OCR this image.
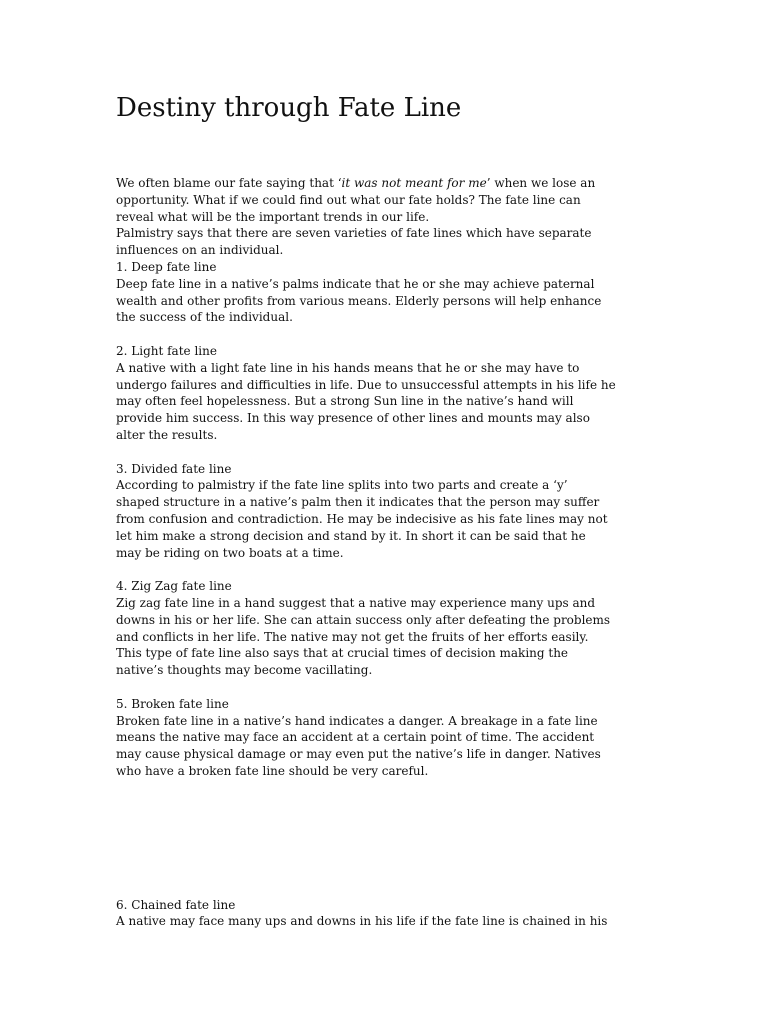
Destiny through Fate Line

We often blame our fate saying that ‘it was not meant for me’ when we lose an
opportunity. What if we could find out what our fate holds? The fate line can
reveal what will be the important trends in our life.
Palmistry says that there are seven varieties of fate lines which have separate
influences on an individual.

1. Deep fate line
Deep fate line in a native’s palms indicate that he or she may achieve paternal
wealth and other profits from various means. Elderly persons will help enhance
the success of the individual.

2. Light fate line
A native with a light fate line in his hands means that he or she may have to
undergo failures and difficulties in life. Due to unsuccessful attempts in his life he
may often feel hopelessness. But a strong Sun line in the native’s hand will
provide him success. In this way presence of other lines and mounts may also
alter the results.

3. Divided fate line
According to palmistry if the fate line splits into two parts and create a ‘y’
shaped structure in a native’s palm then it indicates that the person may suffer
from confusion and contradiction. He may be indecisive as his fate lines may not
let him make a strong decision and stand by it. In short it can be said that he
may be riding on two boats at a time.

4. Zig Zag fate line
Zig zag fate line in a hand suggest that a native may experience many ups and
downs in his or her life. She can attain success only after defeating the problems
and conflicts in her life. The native may not get the fruits of her efforts easily.
This type of fate line also says that at crucial times of decision making the
native’s thoughts may become vacillating.

5. Broken fate line
Broken fate line in a native’s hand indicates a danger. A breakage in a fate line
means the native may face an accident at a certain point of time. The accident
may cause physical damage or may even put the native’s life in danger. Natives
who have a broken fate line should be very careful.

6. Chained fate line
A native may face many ups and downs in his life if the fate line is chained in his
